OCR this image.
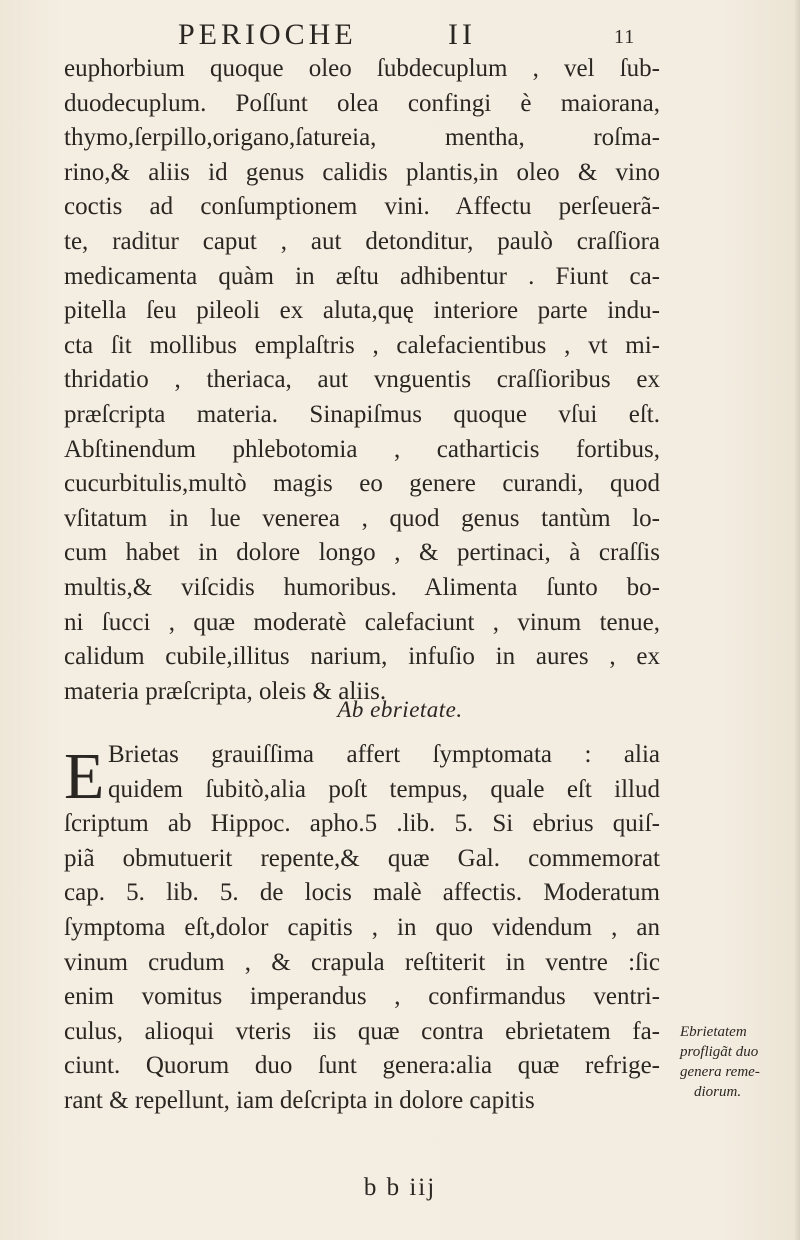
PERIOCHE	II	11
euphorbium quoque oleo ſubdecuplum , vel ſub-
duodecuplum. Poſſunt olea confingi è maiorana,
thymo,ſerpillo,origano,ſatureia, mentha, roſma-
rino,& aliis id genus calidis plantis,in oleo & vino
coctis ad conſumptionem vini. Affectu perſeuerã-
te, raditur caput , aut detonditur, paulò craſſiora
medicamenta quàm in æſtu adhibentur . Fiunt ca-
pitella ſeu pileoli ex aluta,quę interiore parte indu-
cta ſit mollibus emplaſtris , calefacientibus , vt mi-
thridatio , theriaca, aut vnguentis craſſioribus ex
præſcripta materia. Sinapiſmus quoque vſui eſt.
Abſtinendum phlebotomia , catharticis fortibus,
cucurbitulis,multò magis eo genere curandi, quod
vſitatum in lue venerea , quod genus tantùm lo-
cum habet in dolore longo , & pertinaci, à craſſis
multis,& viſcidis humoribus. Alimenta ſunto bo-
ni ſucci , quæ moderatè calefaciunt , vinum tenue,
calidum cubile,illitus narium, infuſio in aures , ex
materia præſcripta, oleis & aliis.
Ab ebrietate.
E Brietas grauiſſima affert ſymptomata : alia
quidem ſubitò,alia poſt tempus, quale eſt illud
ſcriptum ab Hippoc. apho.5 .lib. 5. Si ebrius quiſ-
piã obmutuerit repente,& quæ Gal. commemorat
cap. 5. lib. 5. de locis malè affectis. Moderatum
ſymptoma eſt,dolor capitis , in quo videndum , an
vinum crudum , & crapula reſtiterit in ventre :ſic
enim vomitus imperandus , confirmandus ventri-
culus, alioqui vteris iis quæ contra ebrietatem fa-
ciunt. Quorum duo ſunt genera:alia quæ refrige-
rant & repellunt, iam deſcripta in dolore capitis
Ebrietatem
profligãt duo
genera reme-
diorum.
b b iij
